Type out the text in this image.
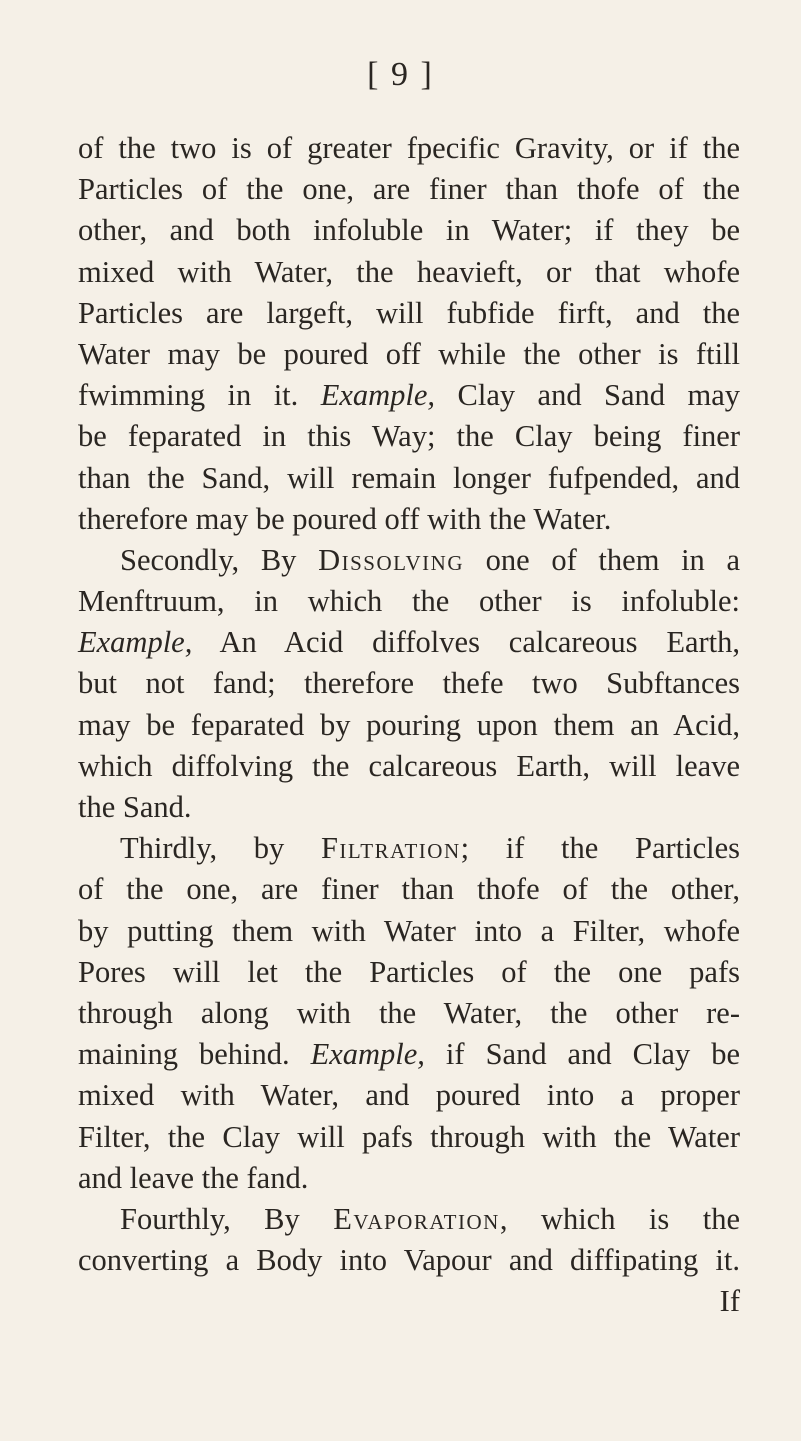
[ 9 ]
of the two is of greater fpecific Gravity, or if the
Particles of the one, are finer than thofe of the
other, and both infoluble in Water; if they be
mixed with Water, the heavieft, or that whofe
Particles are largeft, will fubfide firft, and the
Water may be poured off while the other is ftill
fwimming in it. Example, Clay and Sand may
be feparated in this Way; the Clay being finer
than the Sand, will remain longer fufpended, and
therefore may be poured off with the Water.
Secondly, By Dissolving one of them in a
Menftruum, in which the other is infoluble:
Example, An Acid diffolves calcareous Earth,
but not fand; therefore thefe two Subftances
may be feparated by pouring upon them an Acid,
which diffolving the calcareous Earth, will leave
the Sand.
Thirdly, by Filtration; if the Particles
of the one, are finer than thofe of the other,
by putting them with Water into a Filter, whofe
Pores will let the Particles of the one pafs
through along with the Water, the other re-
maining behind. Example, if Sand and Clay be
mixed with Water, and poured into a proper
Filter, the Clay will pafs through with the Water
and leave the fand.
Fourthly, By Evaporation, which is the
converting a Body into Vapour and diffipating it.
If
